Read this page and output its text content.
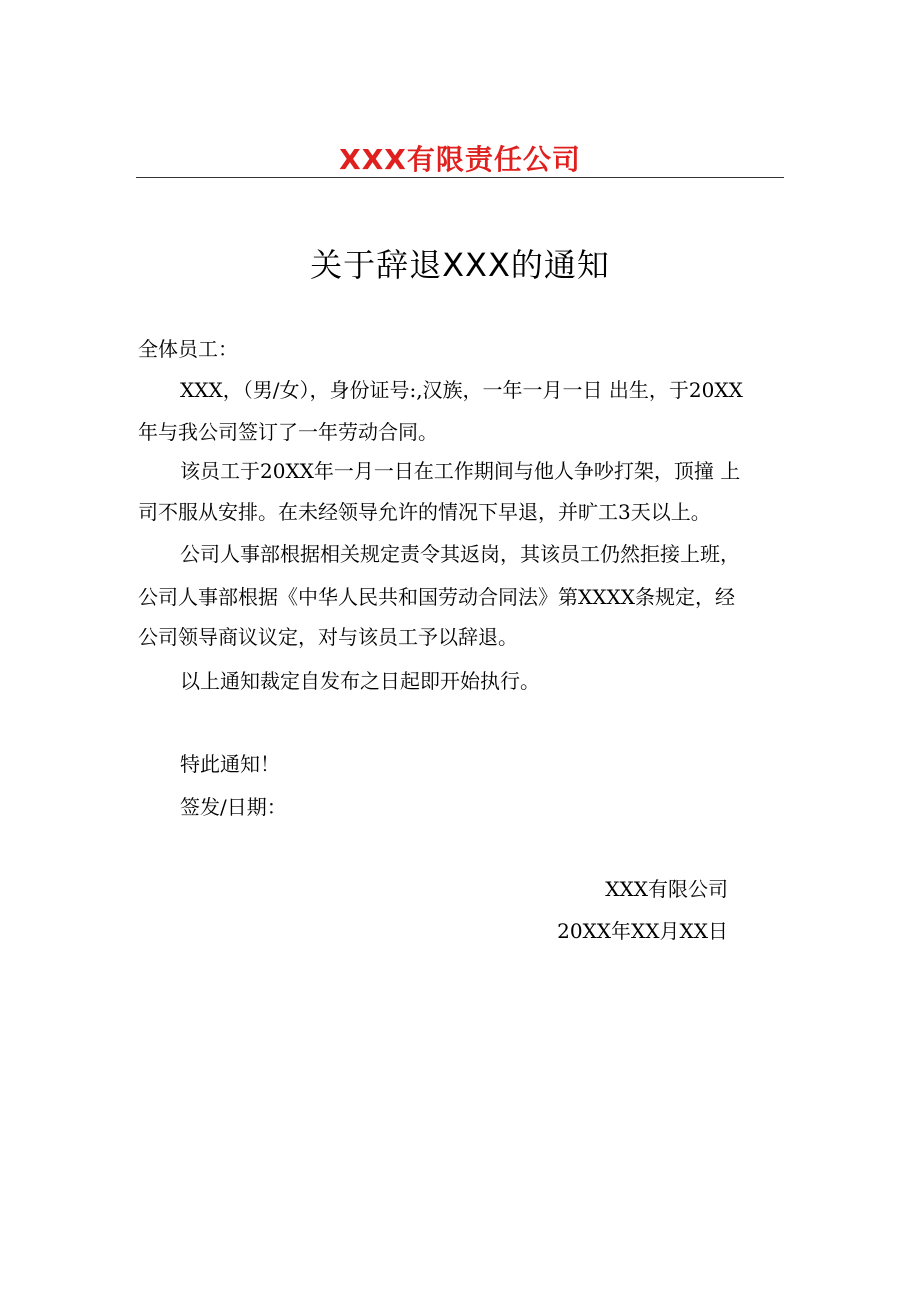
XXX有限责任公司
关于辞退XXX的通知
全体员工：
XXX，（男/女），身份证号:,汉族，一年一月一日 出生，于20XX
年与我公司签订了一年劳动合同。
该员工于20XX年一月一日在工作期间与他人争吵打架，顶撞 上
司不服从安排。在未经领导允许的情况下早退，并旷工3天以上。
公司人事部根据相关规定责令其返岗，其该员工仍然拒接上班，
公司人事部根据《中华人民共和国劳动合同法》第XXXX条规定，经
公司领导商议议定，对与该员工予以辞退。
以上通知裁定自发布之日起即开始执行。
特此通知！
签发/日期：
XXX有限公司
20XX年XX月XX日
